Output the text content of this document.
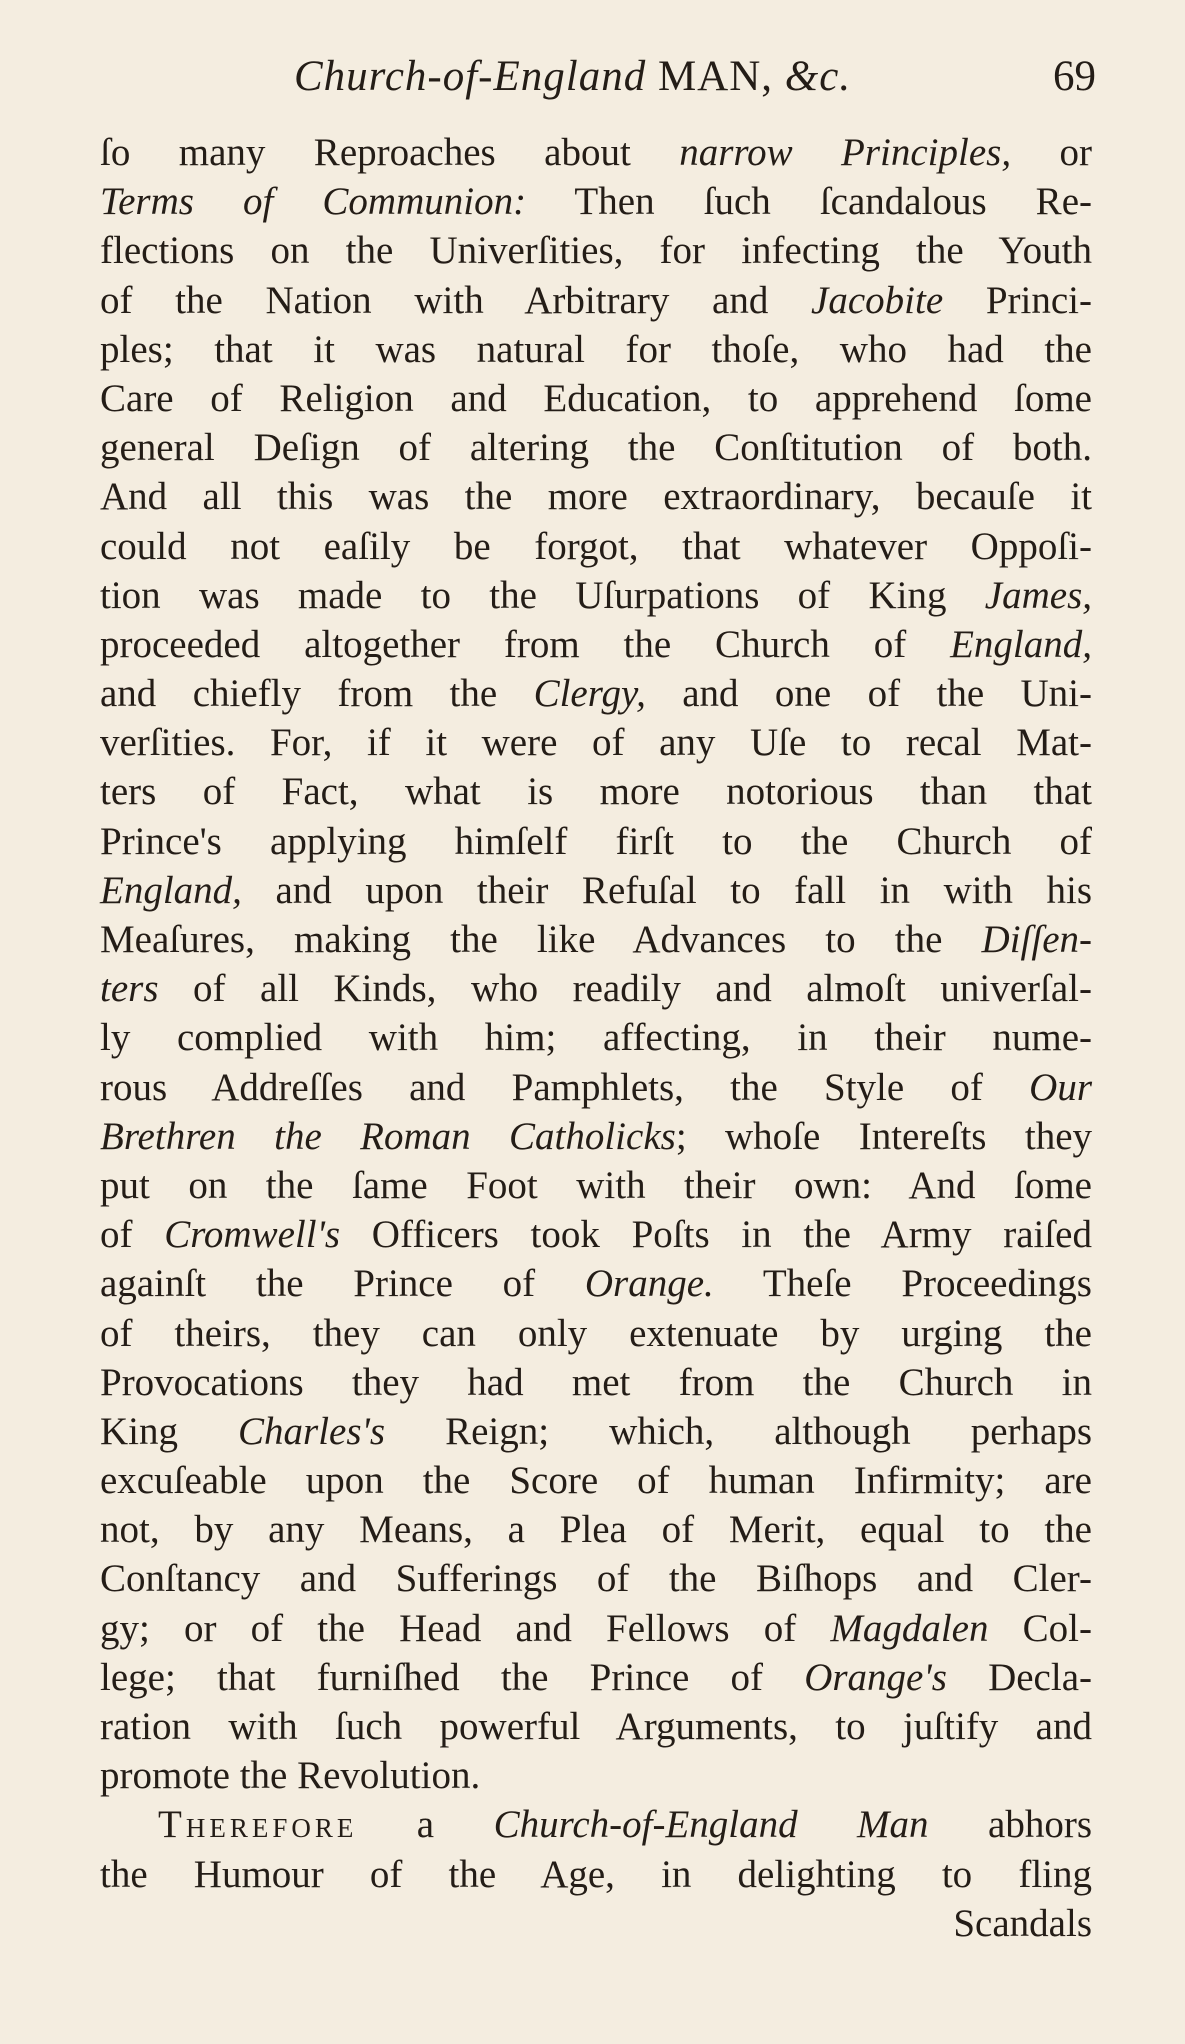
Church-of-England MAN, &c.	69
ſo many Reproaches about narrow Principles, or
Terms of Communion: Then ſuch ſcandalous Re-
flections on the Univerſities, for infecting the Youth
of the Nation with Arbitrary and Jacobite Princi-
ples; that it was natural for thoſe, who had the
Care of Religion and Education, to apprehend ſome
general Deſign of altering the Conſtitution of both.
And all this was the more extraordinary, becauſe it
could not eaſily be forgot, that whatever Oppoſi-
tion was made to the Uſurpations of King James,
proceeded altogether from the Church of England,
and chiefly from the Clergy, and one of the Uni-
verſities. For, if it were of any Uſe to recal Mat-
ters of Fact, what is more notorious than that
Prince's applying himſelf firſt to the Church of
England, and upon their Refuſal to fall in with his
Meaſures, making the like Advances to the Diſſen-
ters of all Kinds, who readily and almoſt univerſal-
ly complied with him; affecting, in their nume-
rous Addreſſes and Pamphlets, the Style of Our
Brethren the Roman Catholicks; whoſe Intereſts they
put on the ſame Foot with their own: And ſome
of Cromwell's Officers took Poſts in the Army raiſed
againſt the Prince of Orange. Theſe Proceedings
of theirs, they can only extenuate by urging the
Provocations they had met from the Church in
King Charles's Reign; which, although perhaps
excuſeable upon the Score of human Infirmity; are
not, by any Means, a Plea of Merit, equal to the
Conſtancy and Sufferings of the Biſhops and Cler-
gy; or of the Head and Fellows of Magdalen Col-
lege; that furniſhed the Prince of Orange's Decla-
ration with ſuch powerful Arguments, to juſtify and
promote the Revolution.
Therefore a Church-of-England Man abhors
the Humour of the Age, in delighting to fling
Scandals
